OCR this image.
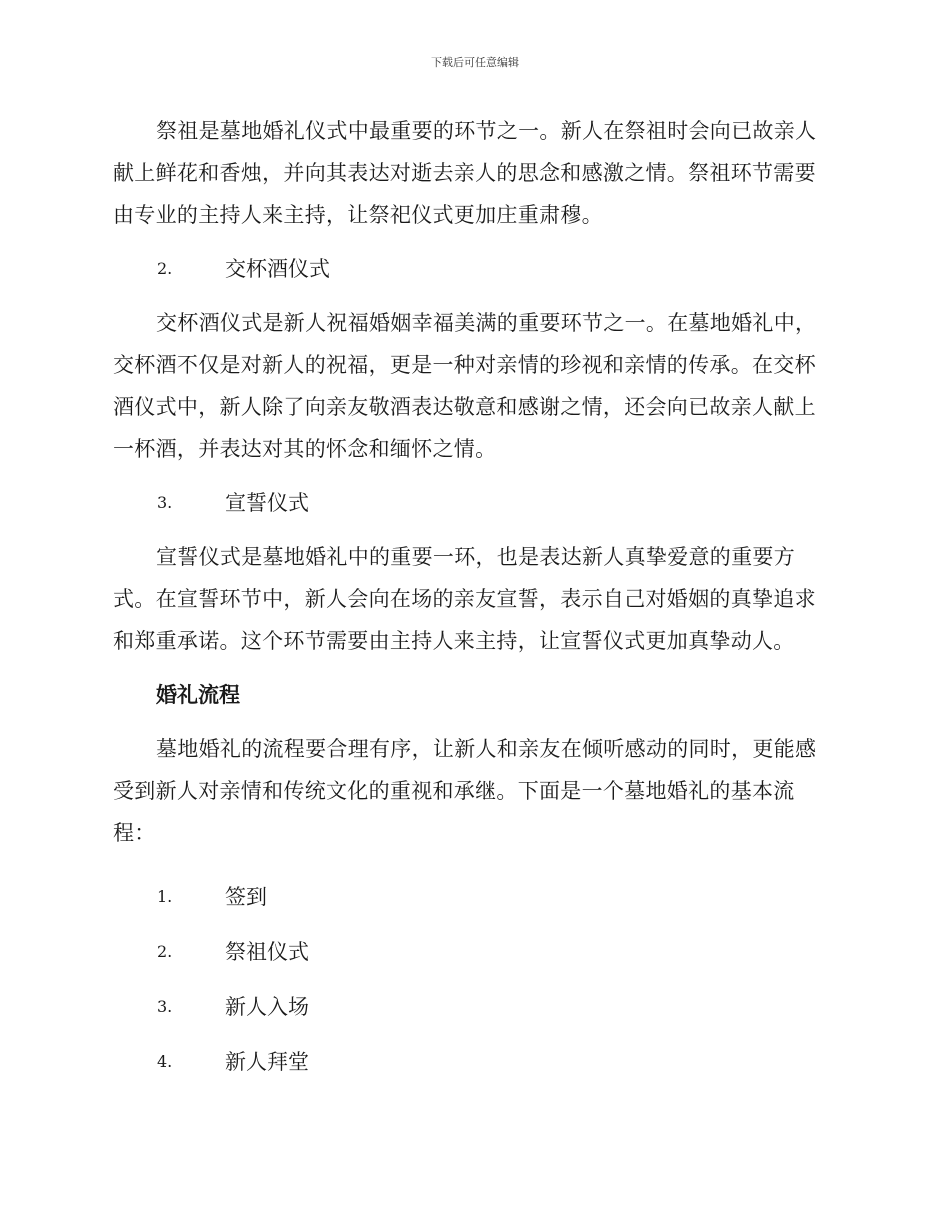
下载后可任意编辑

祭祖是墓地婚礼仪式中最重要的环节之一。新人在祭祖时会向已故亲人献上鲜花和香烛，并向其表达对逝去亲人的思念和感激之情。祭祖环节需要由专业的主持人来主持，让祭祀仪式更加庄重肃穆。

2.	交杯酒仪式

交杯酒仪式是新人祝福婚姻幸福美满的重要环节之一。在墓地婚礼中，交杯酒不仅是对新人的祝福，更是一种对亲情的珍视和亲情的传承。在交杯酒仪式中，新人除了向亲友敬酒表达敬意和感谢之情，还会向已故亲人献上一杯酒，并表达对其的怀念和缅怀之情。

3.	宣誓仪式

宣誓仪式是墓地婚礼中的重要一环，也是表达新人真挚爱意的重要方式。在宣誓环节中，新人会向在场的亲友宣誓，表示自己对婚姻的真挚追求和郑重承诺。这个环节需要由主持人来主持，让宣誓仪式更加真挚动人。

婚礼流程

墓地婚礼的流程要合理有序，让新人和亲友在倾听感动的同时，更能感受到新人对亲情和传统文化的重视和承继。下面是一个墓地婚礼的基本流程：

1.	签到
2.	祭祖仪式
3.	新人入场
4.	新人拜堂
